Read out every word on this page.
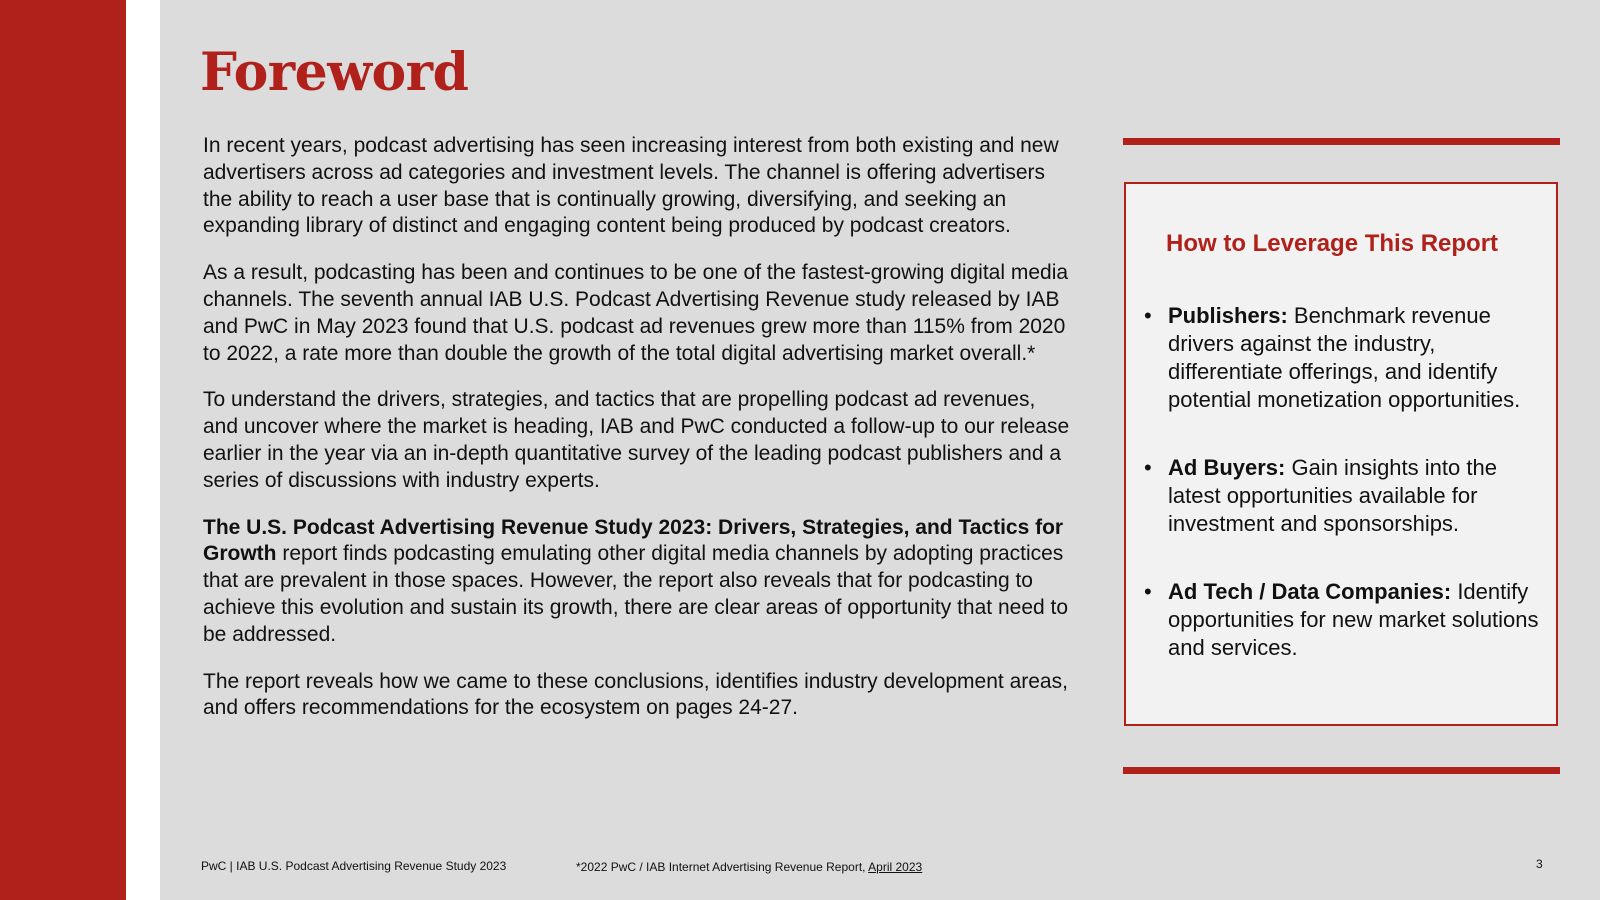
Foreword

In recent years, podcast advertising has seen increasing interest from both existing and new advertisers across ad categories and investment levels. The channel is offering advertisers the ability to reach a user base that is continually growing, diversifying, and seeking an expanding library of distinct and engaging content being produced by podcast creators.

As a result, podcasting has been and continues to be one of the fastest-growing digital media channels. The seventh annual IAB U.S. Podcast Advertising Revenue study released by IAB and PwC in May 2023 found that U.S. podcast ad revenues grew more than 115% from 2020 to 2022, a rate more than double the growth of the total digital advertising market overall.*

To understand the drivers, strategies, and tactics that are propelling podcast ad revenues, and uncover where the market is heading, IAB and PwC conducted a follow-up to our release earlier in the year via an in-depth quantitative survey of the leading podcast publishers and a series of discussions with industry experts.

The U.S. Podcast Advertising Revenue Study 2023: Drivers, Strategies, and Tactics for Growth report finds podcasting emulating other digital media channels by adopting practices that are prevalent in those spaces. However, the report also reveals that for podcasting to achieve this evolution and sustain its growth, there are clear areas of opportunity that need to be addressed.

The report reveals how we came to these conclusions, identifies industry development areas, and offers recommendations for the ecosystem on pages 24-27.

How to Leverage This Report
• Publishers: Benchmark revenue drivers against the industry, differentiate offerings, and identify potential monetization opportunities.
• Ad Buyers: Gain insights into the latest opportunities available for investment and sponsorships.
• Ad Tech / Data Companies: Identify opportunities for new market solutions and services.
PwC | IAB U.S. Podcast Advertising Revenue Study 2023	*2022 PwC / IAB Internet Advertising Revenue Report, April 2023	3
